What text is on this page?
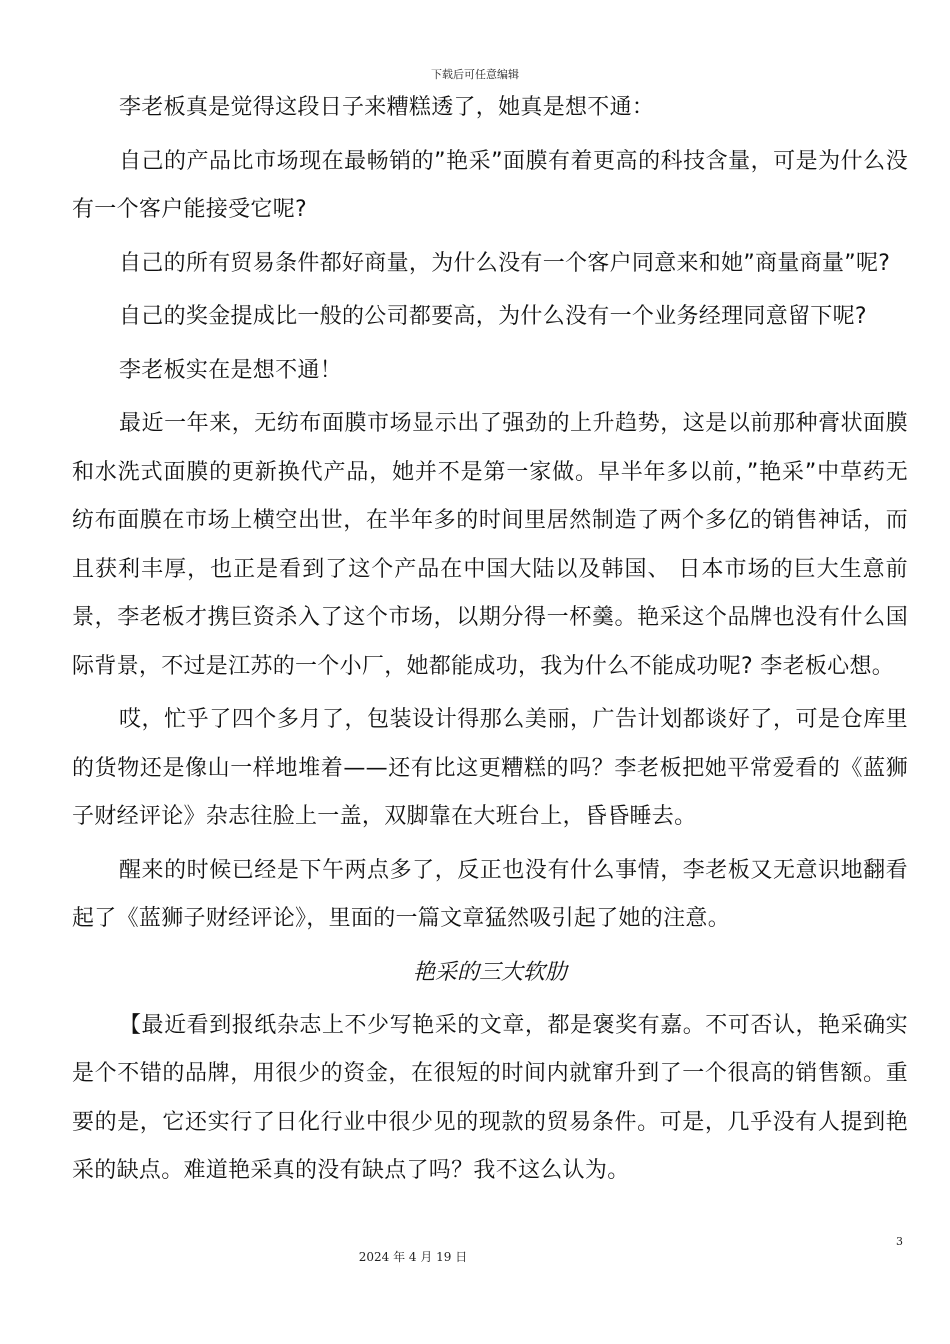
下载后可任意编辑

李老板真是觉得这段日子来糟糕透了，她真是想不通：

自己的产品比市场现在最畅销的”艳采”面膜有着更高的科技含量，可是为什么没有一个客户能接受它呢?

自己的所有贸易条件都好商量，为什么没有一个客户同意来和她”商量商量”呢?

自己的奖金提成比一般的公司都要高，为什么没有一个业务经理同意留下呢?

李老板实在是想不通！

最近一年来，无纺布面膜市场显示出了强劲的上升趋势，这是以前那种膏状面膜和水洗式面膜的更新换代产品，她并不是第一家做。早半年多以前，”艳采”中草药无纺布面膜在市场上横空出世，在半年多的时间里居然制造了两个多亿的销售神话，而且获利丰厚，也正是看到了这个产品在中国大陆以及韩国、 日本市场的巨大生意前景，李老板才携巨资杀入了这个市场，以期分得一杯羹。艳采这个品牌也没有什么国际背景，不过是江苏的一个小厂，她都能成功，我为什么不能成功呢? 李老板心想。

哎，忙乎了四个多月了，包装设计得那么美丽，广告计划都谈好了，可是仓库里的货物还是像山一样地堆着——还有比这更糟糕的吗？李老板把她平常爱看的《蓝狮子财经评论》杂志往脸上一盖，双脚靠在大班台上，昏昏睡去。

醒来的时候已经是下午两点多了，反正也没有什么事情，李老板又无意识地翻看起了《蓝狮子财经评论》，里面的一篇文章猛然吸引起了她的注意。

艳采的三大软肋

【最近看到报纸杂志上不少写艳采的文章，都是褒奖有嘉。不可否认，艳采确实是个不错的品牌，用很少的资金，在很短的时间内就窜升到了一个很高的销售额。重要的是，它还实行了日化行业中很少见的现款的贸易条件。可是，几乎没有人提到艳采的缺点。难道艳采真的没有缺点了吗？我不这么认为。

3
2024 年 4 月 19 日
